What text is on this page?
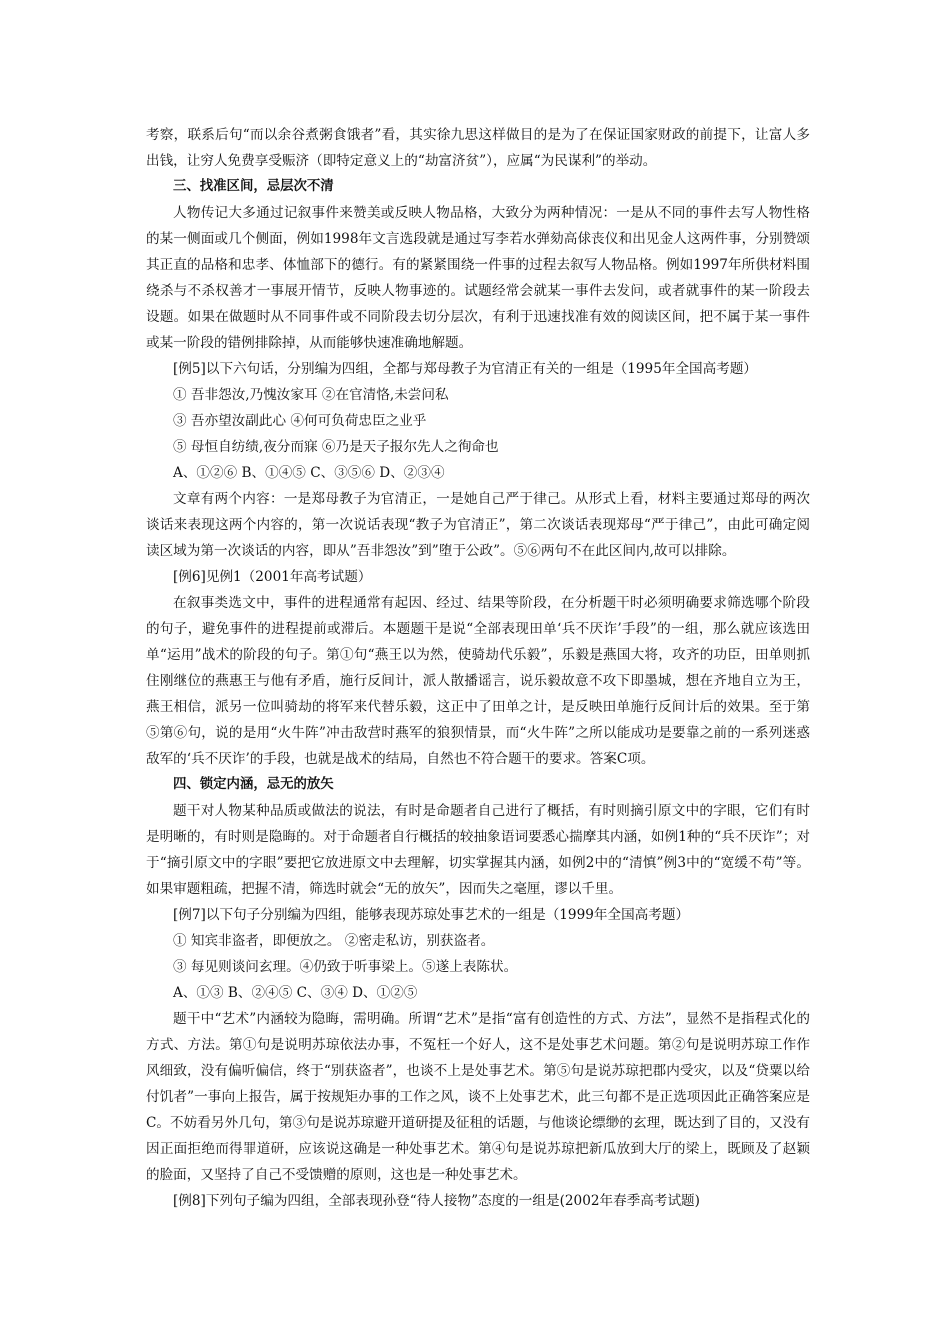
考察，联系后句“而以余谷煮粥食饿者”看，其实徐九思这样做目的是为了在保证国家财政的前提下，让富人多出钱，让穷人免费享受赈济（即特定意义上的“劫富济贫”），应属“为民谋利”的举动。

三、找准区间，忌层次不清

人物传记大多通过记叙事件来赞美或反映人物品格，大致分为两种情况：一是从不同的事件去写人物性格的某一侧面或几个侧面，例如1998年文言选段就是通过写李若水弹劾高俅丧仪和出见金人这两件事，分别赞颂其正直的品格和忠孝、体恤部下的德行。有的紧紧围绕一件事的过程去叙写人物品格。例如1997年所供材料围绕杀与不杀权善才一事展开情节，反映人物事迹的。试题经常会就某一事件去发问，或者就事件的某一阶段去设题。如果在做题时从不同事件或不同阶段去切分层次，有利于迅速找准有效的阅读区间，把不属于某一事件或某一阶段的错例排除掉，从而能够快速准确地解题。

[例5]以下六句话，分别编为四组，全都与郑母教子为官清正有关的一组是（1995年全国高考题）

① 吾非怨汝,乃愧汝家耳 ②在官清恪,未尝问私

③ 吾亦望汝副此心 ④何可负荷忠臣之业乎

⑤ 母恒自纺绩,夜分而寐 ⑥乃是天子报尔先人之徇命也

A、①②⑥ B、①④⑤ C、③⑤⑥ D、②③④

文章有两个内容：一是郑母教子为官清正，一是她自己严于律己。从形式上看，材料主要通过郑母的两次谈话来表现这两个内容的，第一次说话表现“教子为官清正”，第二次谈话表现郑母“严于律己”，由此可确定阅读区域为第一次谈话的内容，即从”吾非怨汝”到”堕于公政”。⑤⑥两句不在此区间内,故可以排除。

[例6]见例1（2001年高考试题）

在叙事类选文中，事件的进程通常有起因、经过、结果等阶段，在分析题干时必须明确要求筛选哪个阶段的句子，避免事件的进程提前或滞后。本题题干是说“全部表现田单‘兵不厌诈’手段”的一组，那么就应该选田单“运用”战术的阶段的句子。第①句“燕王以为然，使骑劫代乐毅”，乐毅是燕国大将，攻齐的功臣，田单则抓住刚继位的燕惠王与他有矛盾，施行反间计，派人散播谣言，说乐毅故意不攻下即墨城，想在齐地自立为王，燕王相信，派另一位叫骑劫的将军来代替乐毅，这正中了田单之计，是反映田单施行反间计后的效果。至于第⑤第⑥句，说的是用“火牛阵”冲击敌营时燕军的狼狈情景，而“火牛阵”之所以能成功是要靠之前的一系列迷惑敌军的‘兵不厌诈’的手段，也就是战术的结局，自然也不符合题干的要求。答案C项。

四、锁定内涵，忌无的放矢

题干对人物某种品质或做法的说法，有时是命题者自己进行了概括，有时则摘引原文中的字眼，它们有时是明晰的，有时则是隐晦的。对于命题者自行概括的较抽象语词要悉心揣摩其内涵，如例1种的“兵不厌诈”；对于“摘引原文中的字眼”要把它放进原文中去理解，切实掌握其内涵，如例2中的“清慎”例3中的“宽缓不苟”等。如果审题粗疏，把握不清，筛选时就会“无的放矢”，因而失之毫厘，谬以千里。

[例7]以下句子分别编为四组，能够表现苏琼处事艺术的一组是（1999年全国高考题）

① 知宾非盗者，即便放之。 ②密走私访，别获盗者。

③ 每见则谈问玄理。④仍致于听事梁上。⑤遂上表陈状。

A、①③ B、②④⑤ C、③④ D、①②⑤

题干中“艺术”内涵较为隐晦，需明确。所谓“艺术”是指“富有创造性的方式、方法”，显然不是指程式化的方式、方法。第①句是说明苏琼依法办事，不冤枉一个好人，这不是处事艺术问题。第②句是说明苏琼工作作风细致，没有偏听偏信，终于“别获盗者”，也谈不上是处事艺术。第⑤句是说苏琼把郡内受灾，以及“贷粟以给付饥者”一事向上报告，属于按规矩办事的工作之风，谈不上处事艺术，此三句都不是正选项因此正确答案应是C。不妨看另外几句，第③句是说苏琼避开道研提及征租的话题，与他谈论缥缈的玄理，既达到了目的，又没有因正面拒绝而得罪道研，应该说这确是一种处事艺术。第④句是说苏琼把新瓜放到大厅的梁上，既顾及了赵颖的脸面，又坚持了自己不受馈赠的原则，这也是一种处事艺术。

[例8]下列句子编为四组，全部表现孙登“待人接物”态度的一组是(2002年春季高考试题)
